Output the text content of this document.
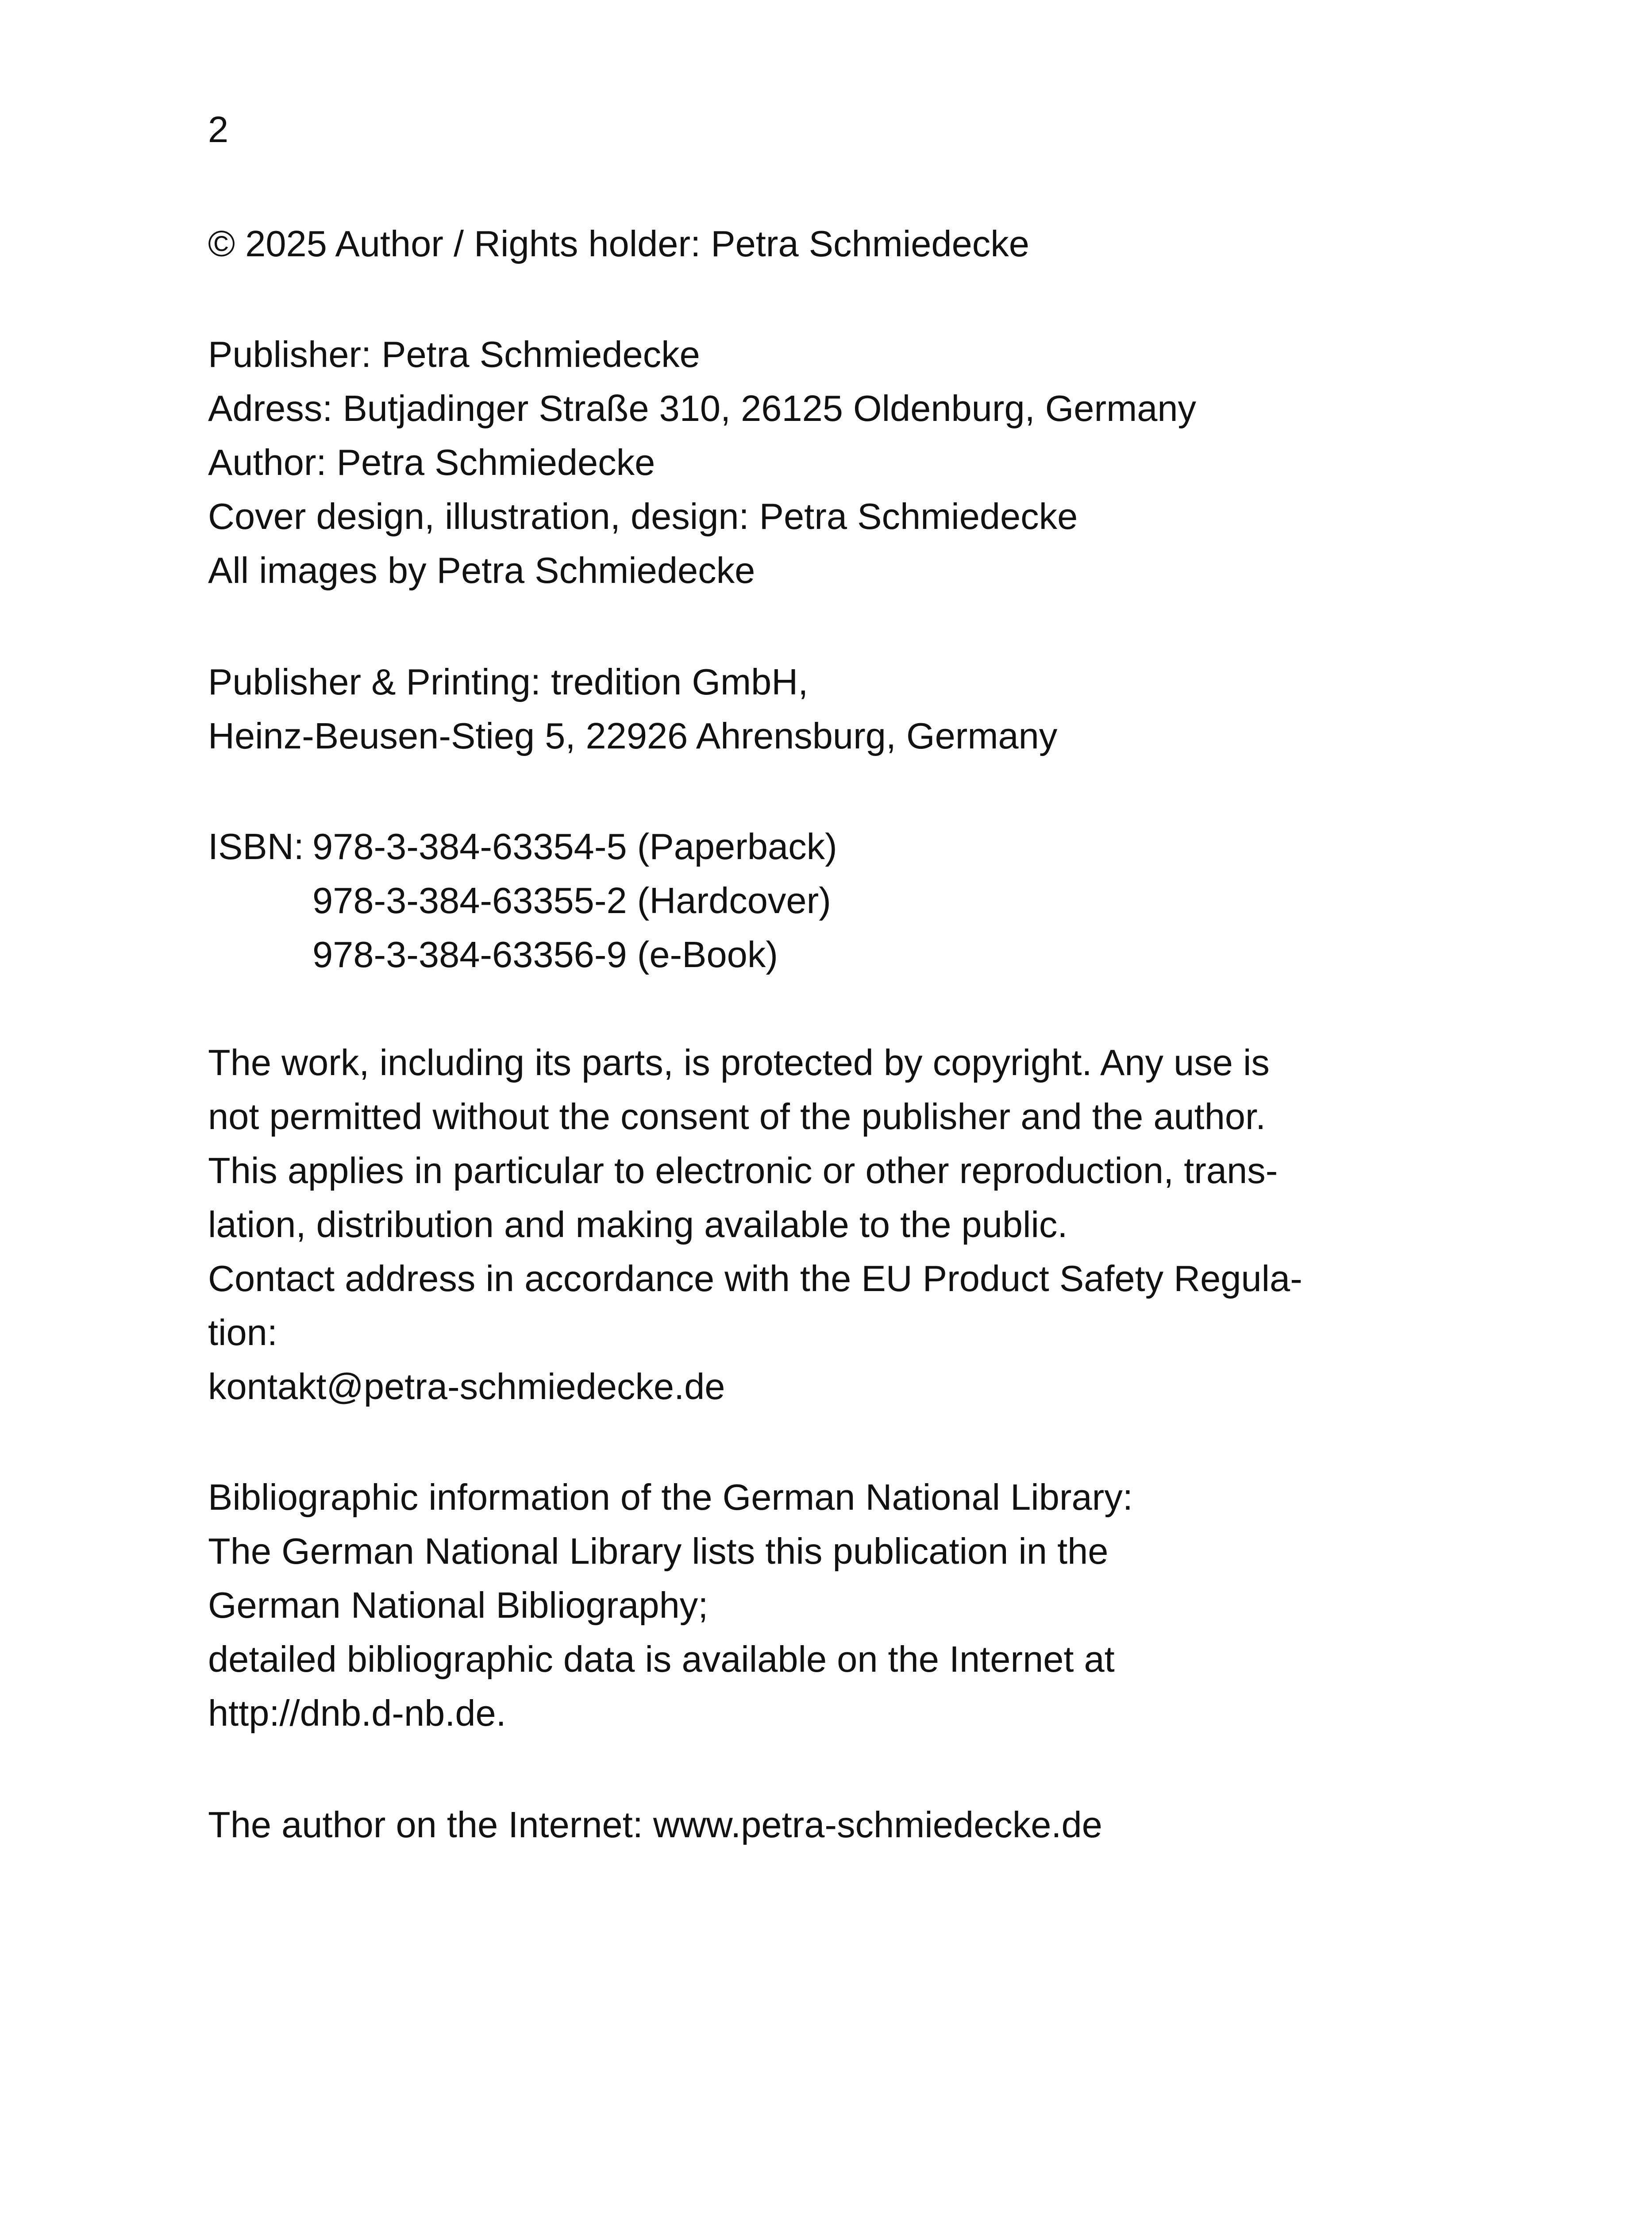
2
© 2025 Author / Rights holder: Petra Schmiedecke
Publisher: Petra Schmiedecke
Adress: Butjadinger Straße 310, 26125 Oldenburg, Germany
Author: Petra Schmiedecke
Cover design, illustration, design: Petra Schmiedecke
All images by Petra Schmiedecke
Publisher & Printing: tredition GmbH,
Heinz-Beusen-Stieg 5, 22926 Ahrensburg, Germany
ISBN: 978-3-384-63354-5 (Paperback)
978-3-384-63355-2 (Hardcover)
978-3-384-63356-9 (e-Book)
The work, including its parts, is protected by copyright. Any use is
not permitted without the consent of the publisher and the author.
This applies in particular to electronic or other reproduction, trans-
lation, distribution and making available to the public.
Contact address in accordance with the EU Product Safety Regula-
tion:
kontakt@petra-schmiedecke.de
Bibliographic information of the German National Library:
The German National Library lists this publication in the
German National Bibliography;
detailed bibliographic data is available on the Internet at
http://dnb.d-nb.de.
The author on the Internet: www.petra-schmiedecke.de
